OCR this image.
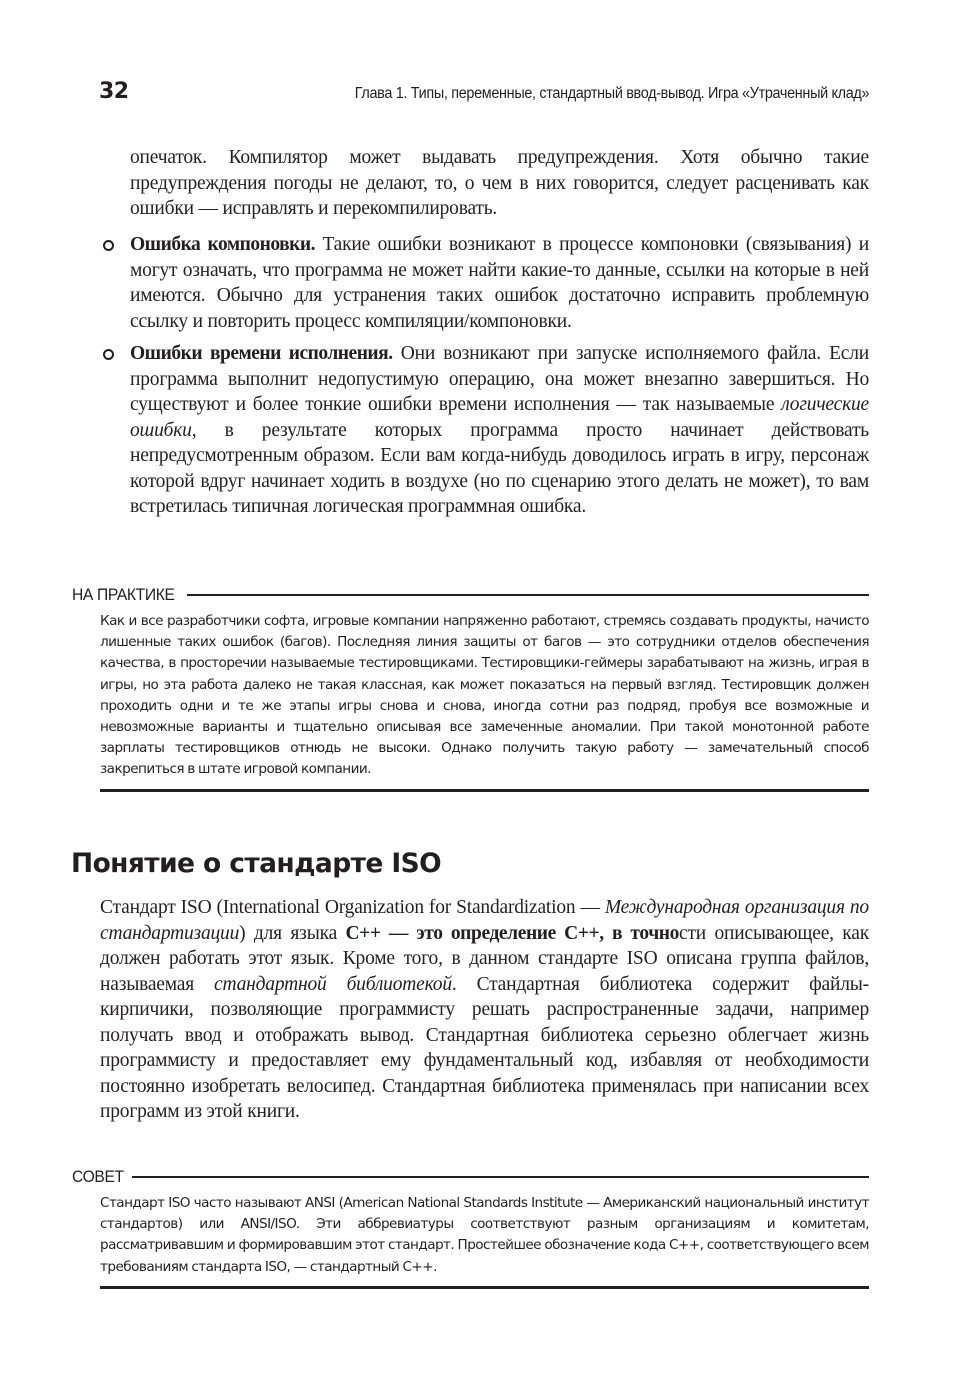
32	Глава 1. Типы, переменные, стандартный ввод-вывод. Игра «Утраченный клад»

опечаток. Компилятор может выдавать предупреждения. Хотя обычно такие предупреждения погоды не делают, то, о чем в них говорится, следует расценивать как ошибки — исправлять и перекомпилировать.

Ошибка компоновки. Такие ошибки возникают в процессе компоновки (связывания) и могут означать, что программа не может найти какие-то данные, ссылки на которые в ней имеются. Обычно для устранения таких ошибок достаточно исправить проблемную ссылку и повторить процесс компиляции/компоновки.
Ошибки времени исполнения. Они возникают при запуске исполняемого файла. Если программа выполнит недопустимую операцию, она может внезапно завершиться. Но существуют и более тонкие ошибки времени исполнения — так называемые логические ошибки, в результате которых программа просто начинает действовать непредусмотренным образом. Если вам когда-нибудь доводилось играть в игру, персонаж которой вдруг начинает ходить в воздухе (но по сценарию этого делать не может), то вам встретилась типичная логическая программная ошибка.
НА ПРАКТИКЕ

Как и все разработчики софта, игровые компании напряженно работают, стремясь создавать продукты, начисто лишенные таких ошибок (багов). Последняя линия защиты от багов — это сотрудники отделов обеспечения качества, в просторечии называемые тестировщиками. Тестировщики-геймеры зарабатывают на жизнь, играя в игры, но эта работа далеко не такая классная, как может показаться на первый взгляд. Тестировщик должен проходить одни и те же этапы игры снова и снова, иногда сотни раз подряд, пробуя все возможные и невозможные варианты и тщательно описывая все замеченные аномалии. При такой монотонной работе зарплаты тестировщиков отнюдь не высоки. Однако получить такую работу — замечательный способ закрепиться в штате игровой компании.

Понятие о стандарте ISO

Стандарт ISO (International Organization for Standardization — Международная организация по стандартизации) для языка C++ — это определение C++, в точности описывающее, как должен работать этот язык. Кроме того, в данном стандарте ISO описана группа файлов, называемая стандартной библиотекой. Стандартная библиотека содержит файлы-кирпичики, позволяющие программисту решать распространенные задачи, например получать ввод и отображать вывод. Стандартная библиотека серьезно облегчает жизнь программисту и предоставляет ему фундаментальный код, избавляя от необходимости постоянно изобретать велосипед. Стандартная библиотека применялась при написании всех программ из этой книги.

СОВЕТ

Стандарт ISO часто называют ANSI (American National Standards Institute — Американский национальный институт стандартов) или ANSI/ISO. Эти аббревиатуры соответствуют разным организациям и комитетам, рассматривавшим и формировавшим этот стандарт. Простейшее обозначение кода C++, соответствующего всем требованиям стандарта ISO, — стандартный C++.
